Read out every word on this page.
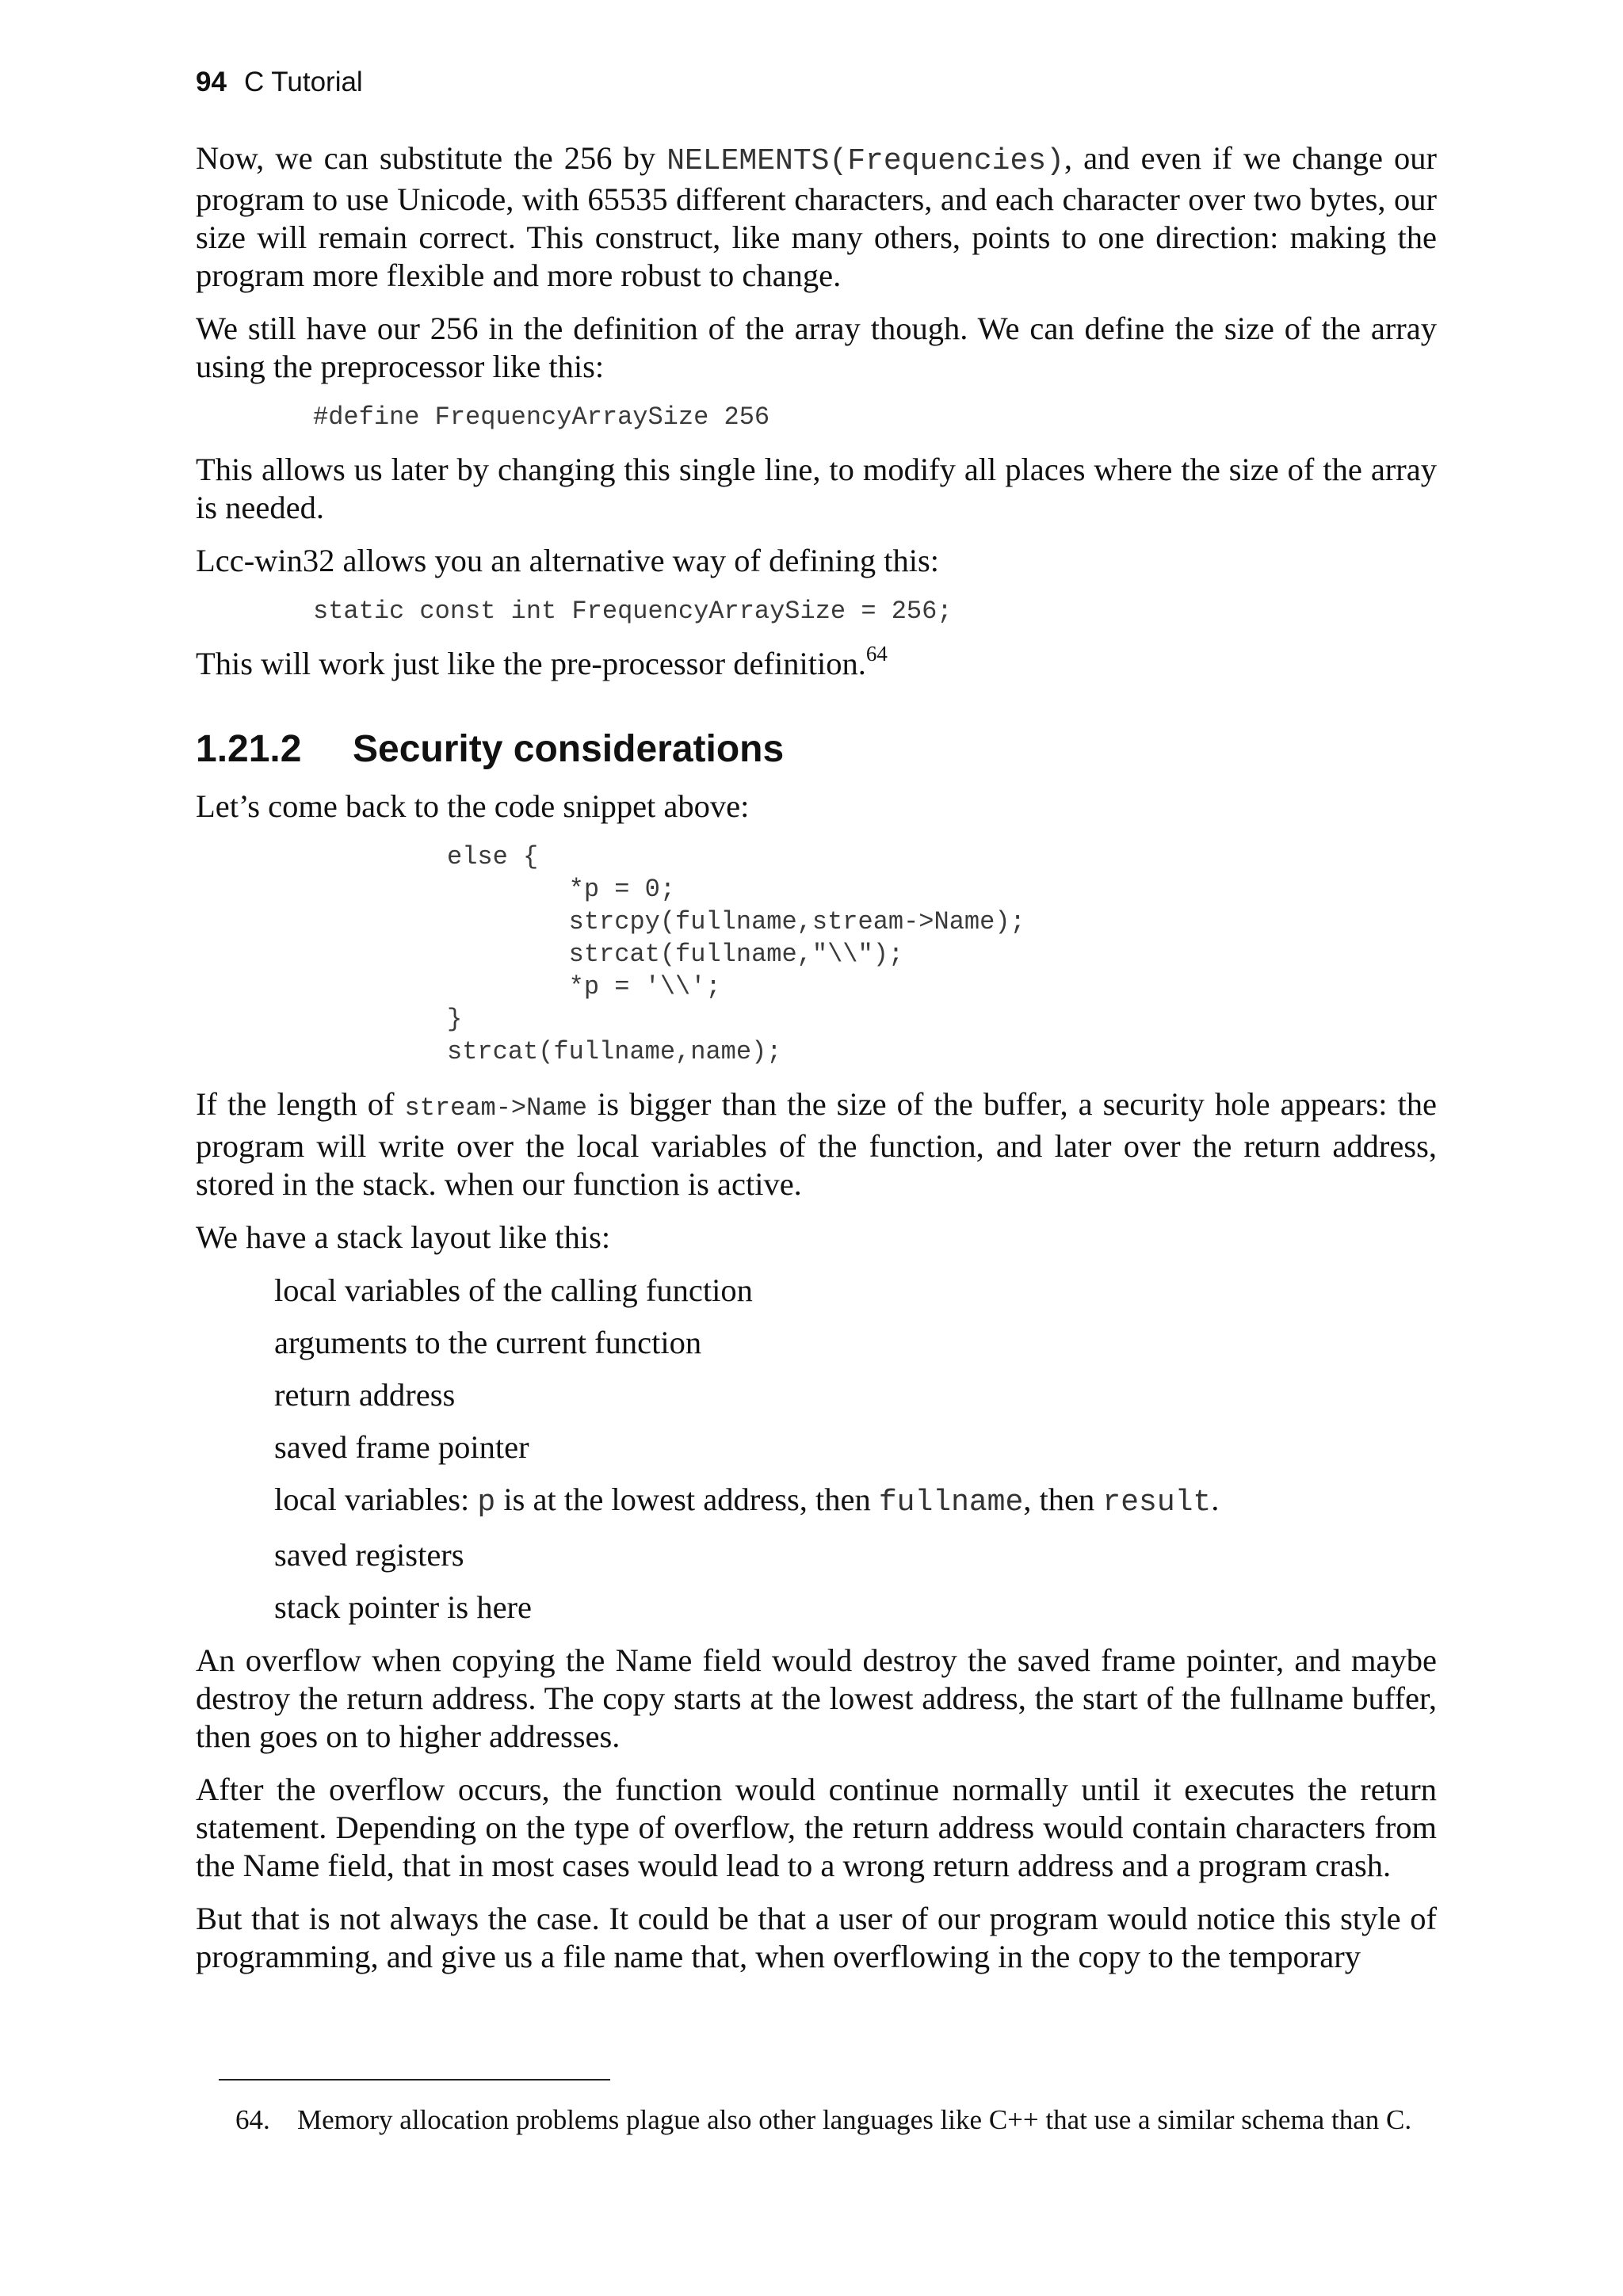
94 C Tutorial

Now, we can substitute the 256 by NELEMENTS(Frequencies), and even if we change our program to use Unicode, with 65535 different characters, and each character over two bytes, our size will remain correct. This construct, like many others, points to one direction: making the program more flexible and more robust to change.

We still have our 256 in the definition of the array though. We can define the size of the array using the preprocessor like this:

#define FrequencyArraySize 256

This allows us later by changing this single line, to modify all places where the size of the array is needed.

Lcc-win32 allows you an alternative way of defining this:

static const int FrequencyArraySize = 256;

This will work just like the pre-processor definition.$^{64}$

1.21.2 Security considerations

Let’s come back to the code snippet above:

else {
*p = 0;
strcpy(fullname,stream->Name);
strcat(fullname,"\\");
*p = '\\';
}
strcat(fullname,name);

If the length of stream->Name is bigger than the size of the buffer, a security hole appears: the program will write over the local variables of the function, and later over the return address, stored in the stack. when our function is active.

We have a stack layout like this:

local variables of the calling function
arguments to the current function
return address
saved frame pointer
local variables: p is at the lowest address, then fullname, then result.
saved registers
stack pointer is here

An overflow when copying the Name field would destroy the saved frame pointer, and maybe destroy the return address. The copy starts at the lowest address, the start of the fullname buffer, then goes on to higher addresses.

After the overflow occurs, the function would continue normally until it executes the return statement. Depending on the type of overflow, the return address would contain characters from the Name field, that in most cases would lead to a wrong return address and a program crash.

But that is not always the case. It could be that a user of our program would notice this style of programming, and give us a file name that, when overflowing in the copy to the temporary

64. Memory allocation problems plague also other languages like C++ that use a similar schema than C.
